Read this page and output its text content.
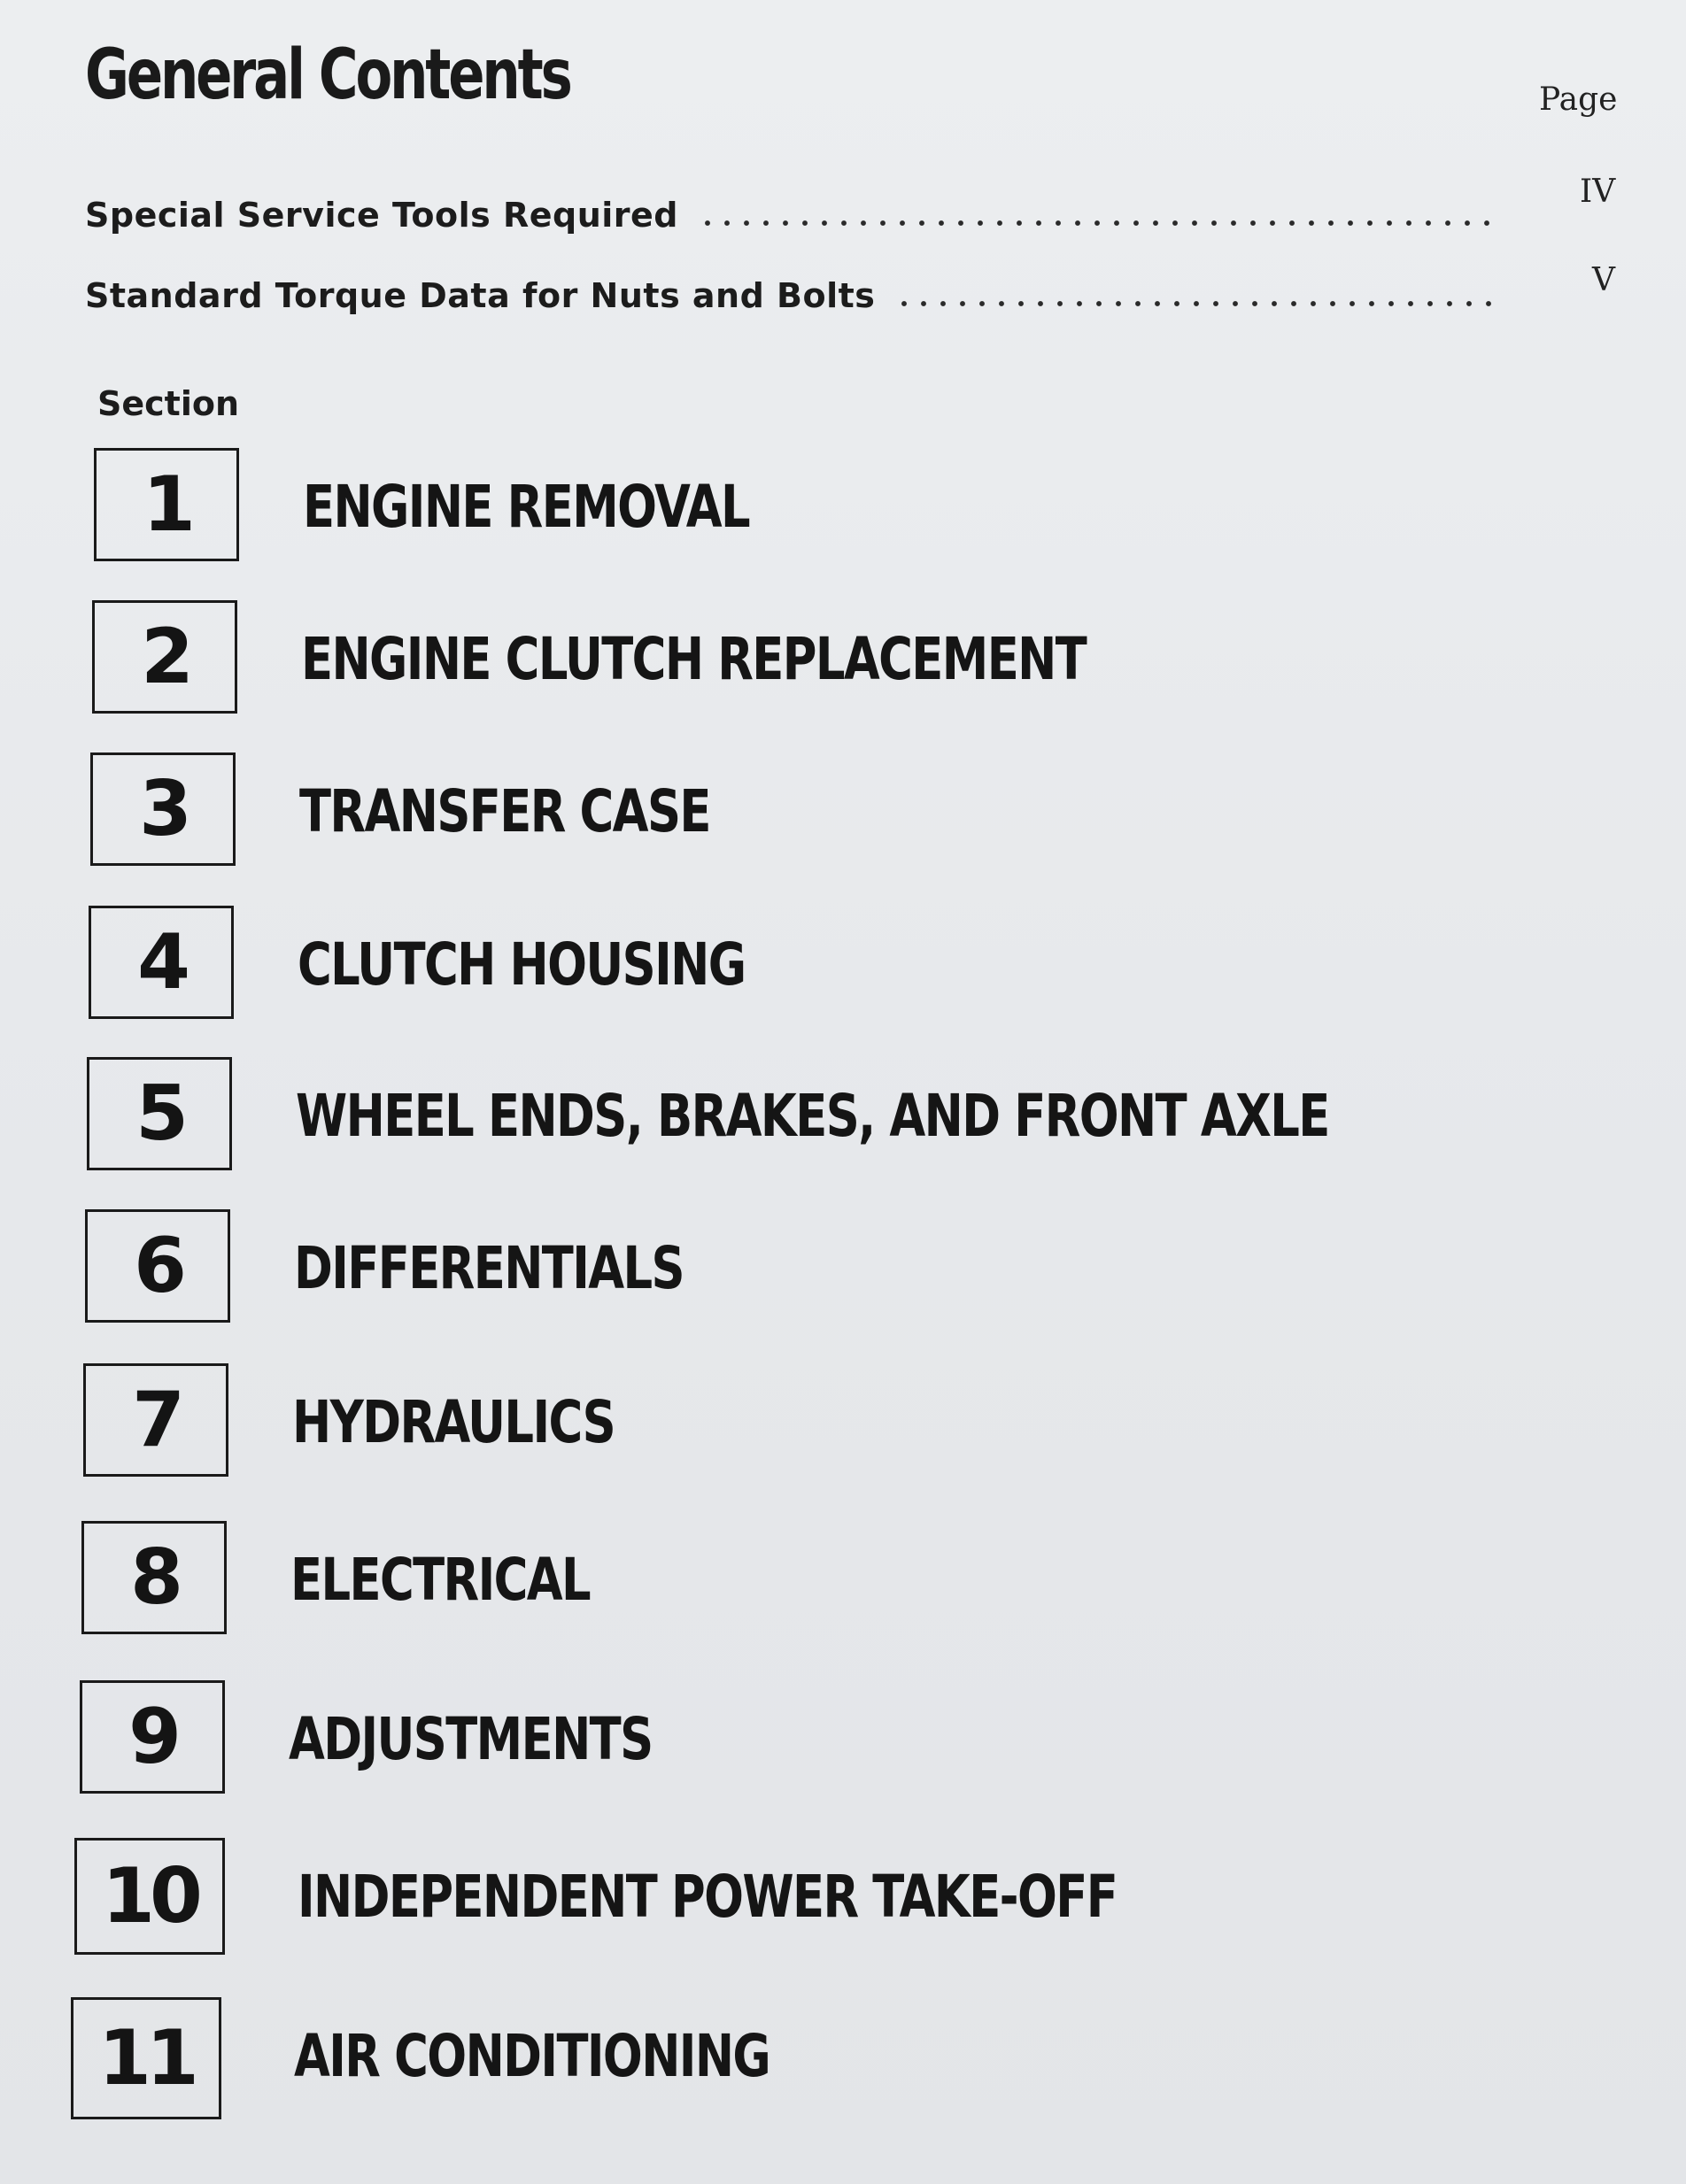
General Contents	Page
Special Service Tools Required
IV
Standard Torque Data for Nuts and Bolts	V
Section
1 ENGINE REMOVAL
2 ENGINE CLUTCH REPLACEMENT
3 TRANSFER CASE
4 CLUTCH HOUSING
5 WHEEL ENDS, BRAKES, AND FRONT AXLE
6 DIFFERENTIALS
7 HYDRAULICS
8 ELECTRICAL
9 ADJUSTMENTS
10 INDEPENDENT POWER TAKE-OFF
11 AIR CONDITIONING
